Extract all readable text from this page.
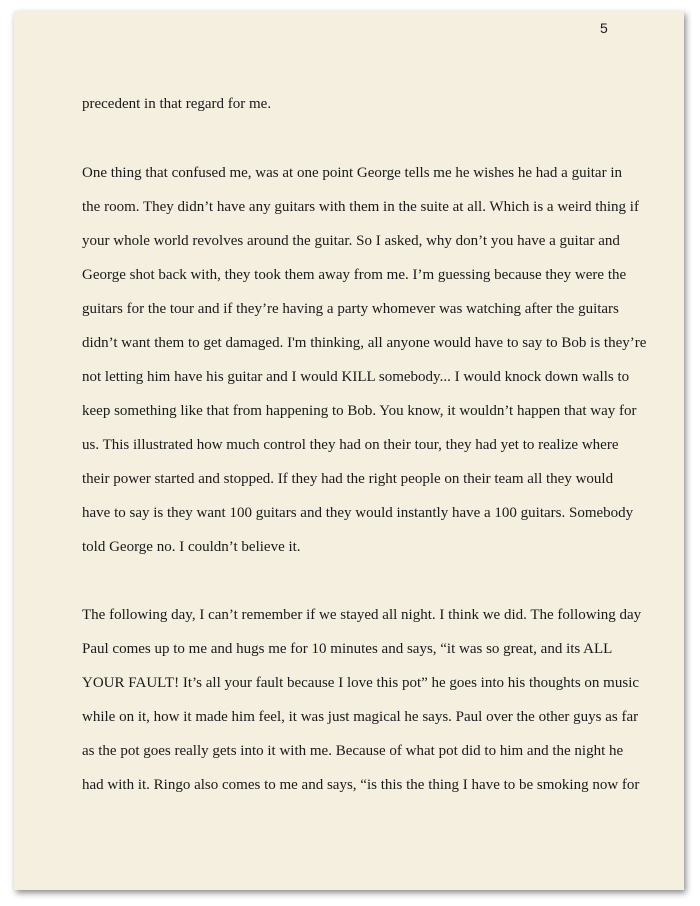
5
precedent in that regard for me.
One thing that confused me, was at one point George tells me he wishes he had a guitar in
the room. They didn’t have any guitars with them in the suite at all. Which is a weird thing if
your whole world revolves around the guitar. So I asked, why don’t you have a guitar and
George shot back with, they took them away from me. I’m guessing because they were the
guitars for the tour and if they’re having a party whomever was watching after the guitars
didn’t want them to get damaged. I'm thinking, all anyone would have to say to Bob is they’re
not letting him have his guitar and I would KILL somebody... I would knock down walls to
keep something like that from happening to Bob. You know, it wouldn’t happen that way for
us. This illustrated how much control they had on their tour, they had yet to realize where
their power started and stopped. If they had the right people on their team all they would
have to say is they want 100 guitars and they would instantly have a 100 guitars. Somebody
told George no. I couldn’t believe it.
The following day, I can’t remember if we stayed all night. I think we did. The following day
Paul comes up to me and hugs me for 10 minutes and says, “it was so great, and its ALL
YOUR FAULT! It’s all your fault because I love this pot” he goes into his thoughts on music
while on it, how it made him feel, it was just magical he says. Paul over the other guys as far
as the pot goes really gets into it with me. Because of what pot did to him and the night he
had with it. Ringo also comes to me and says, “is this the thing I have to be smoking now for
